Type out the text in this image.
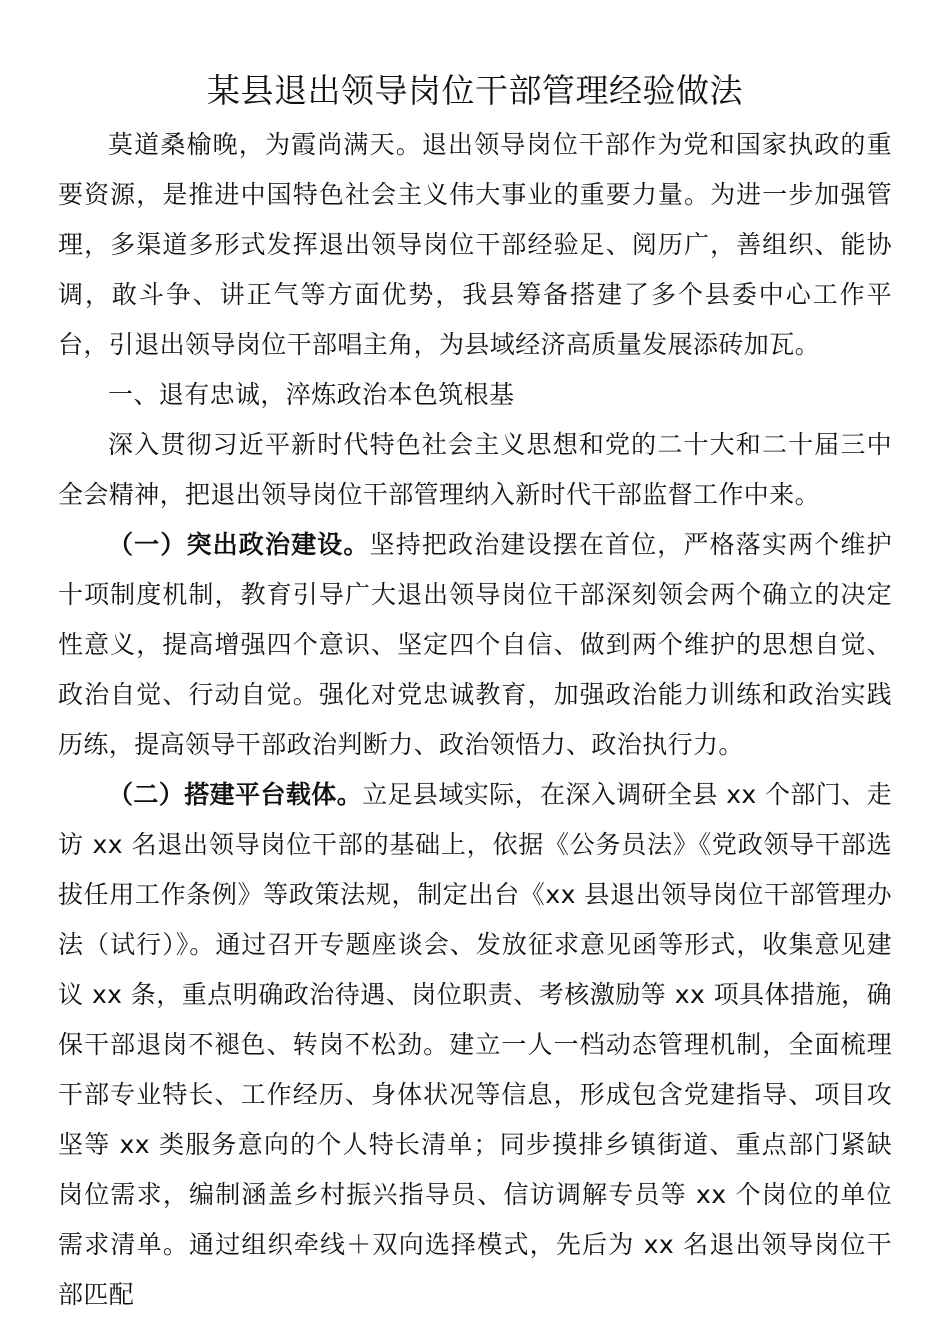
某县退出领导岗位干部管理经验做法

莫道桑榆晚，为霞尚满天。退出领导岗位干部作为党和国家执政的重要资源，是推进中国特色社会主义伟大事业的重要力量。为进一步加强管理，多渠道多形式发挥退出领导岗位干部经验足、阅历广，善组织、能协调，敢斗争、讲正气等方面优势，我县筹备搭建了多个县委中心工作平台，引退出领导岗位干部唱主角，为县域经济高质量发展添砖加瓦。

一、退有忠诚，淬炼政治本色筑根基

深入贯彻习近平新时代特色社会主义思想和党的二十大和二十届三中全会精神，把退出领导岗位干部管理纳入新时代干部监督工作中来。

（一）突出政治建设。坚持把政治建设摆在首位，严格落实两个维护十项制度机制，教育引导广大退出领导岗位干部深刻领会两个确立的决定性意义，提高增强四个意识、坚定四个自信、做到两个维护的思想自觉、政治自觉、行动自觉。强化对党忠诚教育，加强政治能力训练和政治实践历练，提高领导干部政治判断力、政治领悟力、政治执行力。

（二）搭建平台载体。立足县域实际，在深入调研全县 xx 个部门、走访 xx 名退出领导岗位干部的基础上，依据《公务员法》《党政领导干部选拔任用工作条例》等政策法规，制定出台《xx 县退出领导岗位干部管理办法（试行）》。通过召开专题座谈会、发放征求意见函等形式，收集意见建议 xx 条，重点明确政治待遇、岗位职责、考核激励等 xx 项具体措施，确保干部退岗不褪色、转岗不松劲。建立一人一档动态管理机制，全面梳理干部专业特长、工作经历、身体状况等信息，形成包含党建指导、项目攻坚等 xx 类服务意向的个人特长清单；同步摸排乡镇街道、重点部门紧缺岗位需求，编制涵盖乡村振兴指导员、信访调解专员等 xx 个岗位的单位需求清单。通过组织牵线＋双向选择模式，先后为 xx 名退出领导岗位干部匹配
